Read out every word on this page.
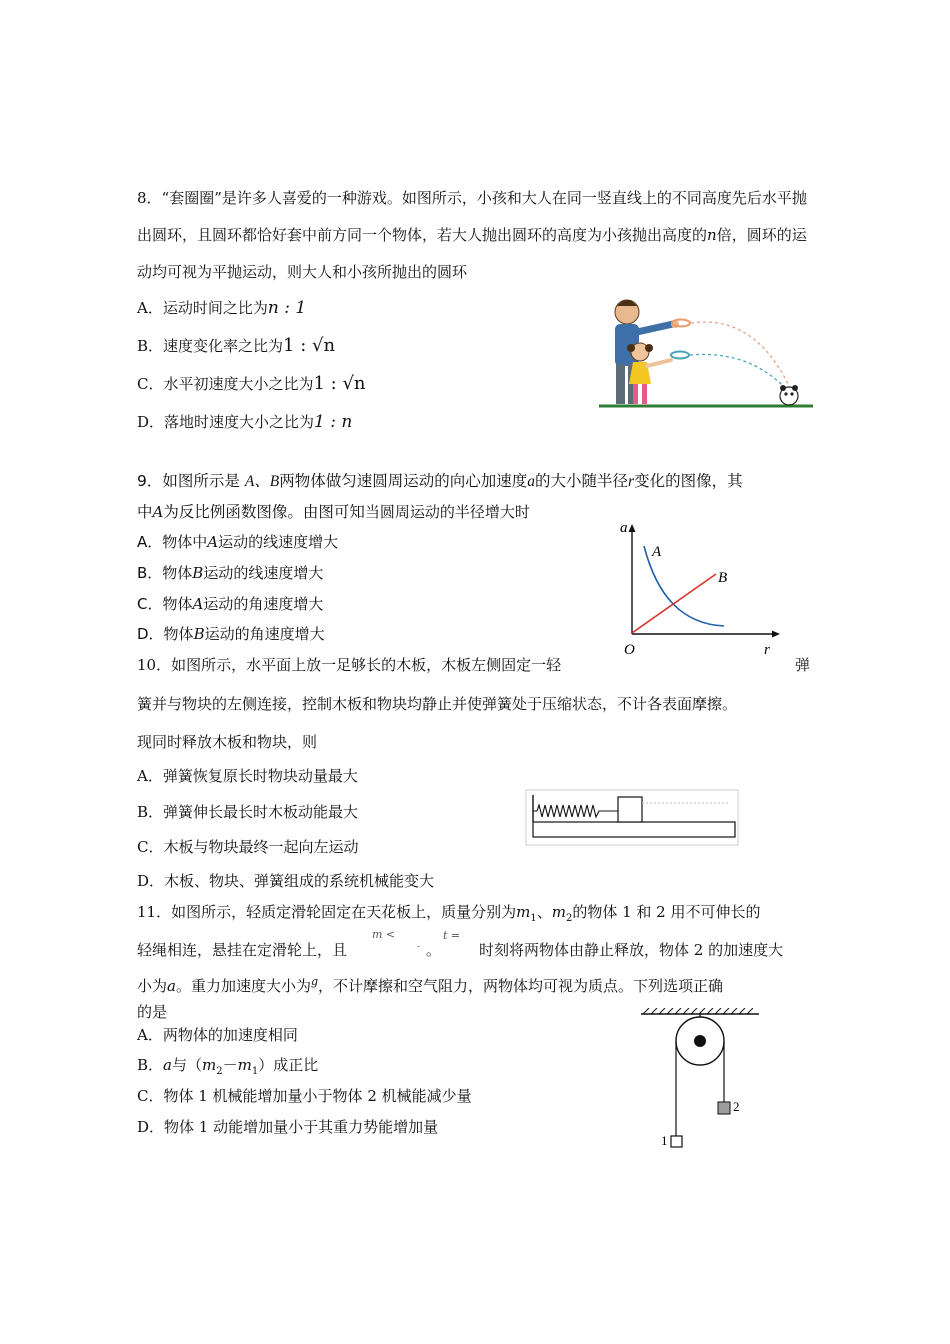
8．“套圈圈”是许多人喜爱的一种游戏。如图所示，小孩和大人在同一竖直线上的不同高度先后水平抛出圆环，且圆环都恰好套中前方同一个物体，若大人抛出圆环的高度为小孩抛出高度的n倍，圆环的运动均可视为平抛运动，则大人和小孩所抛出的圆环
A．运动时间之比为n : 1
B．速度变化率之比为1 : √n
C．水平初速度大小之比为1 : √n
D．落地时速度大小之比为1 : n
9．如图所示是 A、B两物体做匀速圆周运动的向心加速度a的大小随半径r变化的图像，其
中A为反比例函数图像。由图可知当圆周运动的半径增大时
A．物体中A运动的线速度增大
B．物体B运动的线速度增大
C．物体A运动的角速度增大
D．物体B运动的角速度增大
a
r
O
A
B
10．如图所示，水平面上放一足够长的木板，木板左侧固定一轻	弹
簧并与物块的左侧连接，控制木板和物块均静止并使弹簧处于压缩状态，不计各表面摩擦。
现同时释放木板和物块，则
A．弹簧恢复原长时物块动量最大
B．弹簧伸长最长时木板动能最大
C．木板与物块最终一起向左运动
D．木板、物块、弹簧组成的系统机械能变大
11．如图所示，轻质定滑轮固定在天花板上，质量分别为$m_1$、$m_2$的物体 1 和 2 用不可伸长的
轻绳相连，悬挂在定滑轮上，且
m <
- 。
t =
时刻将两物体由静止释放，物体 2 的加速度大
小为a。重力加速度大小为$^g$，不计摩擦和空气阻力，两物体均可视为质点。下列选项正确
的是
A．两物体的加速度相同
B．a与$(m_2-m_1)$成正比
C．物体 1 机械能增加量小于物体 2 机械能减少量
D．物体 1 动能增加量小于其重力势能增加量
1
2
